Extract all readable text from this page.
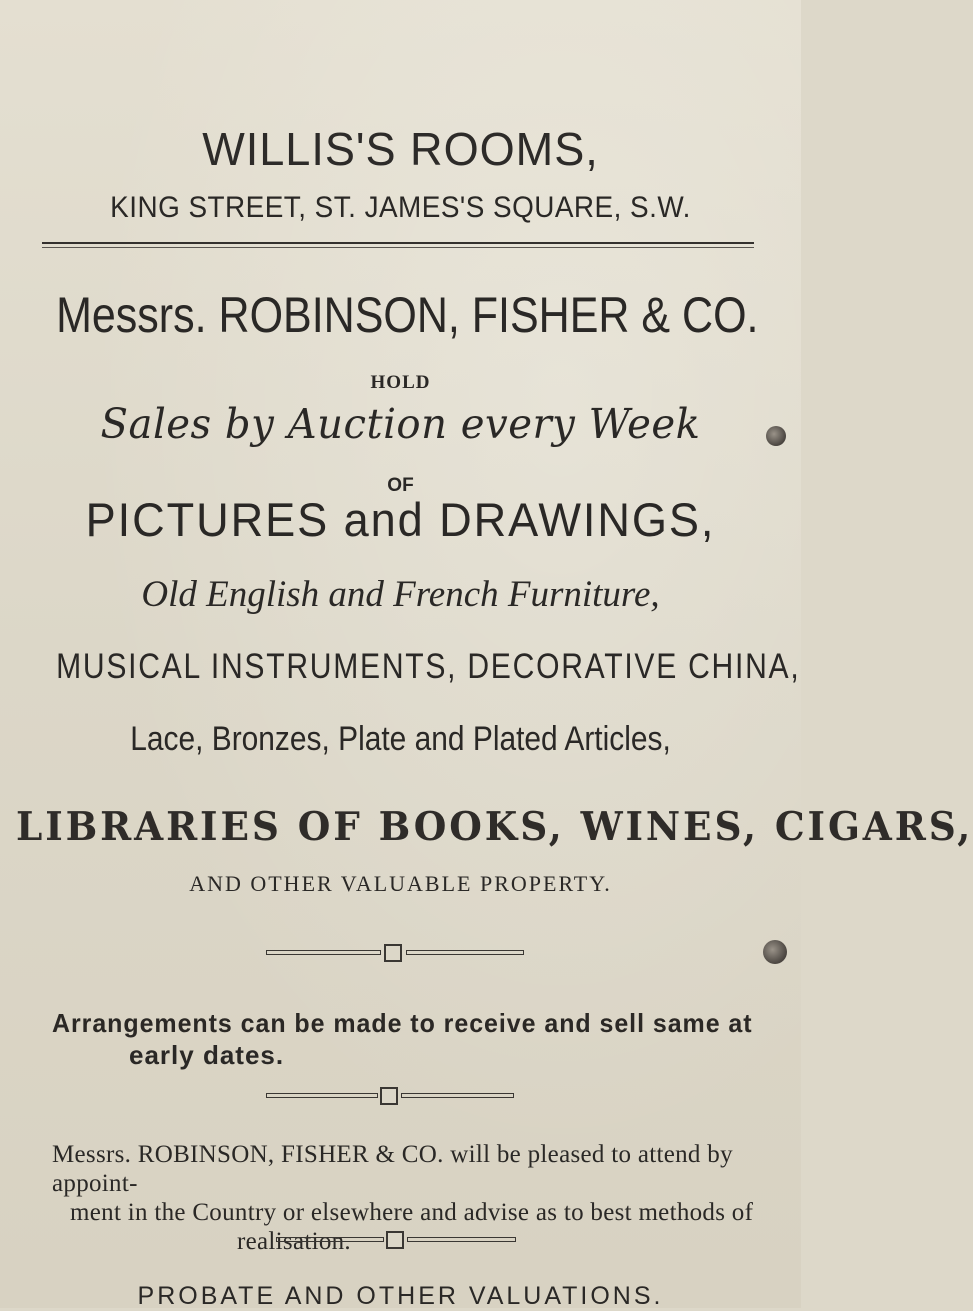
WILLIS'S ROOMS,
KING STREET, ST. JAMES'S SQUARE, S.W.
Messrs. ROBINSON, FISHER & CO.
HOLD
Sales by Auction every Week
OF
PICTURES and DRAWINGS,
Old English and French Furniture,
MUSICAL INSTRUMENTS, DECORATIVE CHINA,
Lace, Bronzes, Plate and Plated Articles,
LIBRARIES OF BOOKS, WINES, CIGARS,
AND OTHER VALUABLE PROPERTY.
Arrangements can be made to receive and sell same at
early dates.
Messrs. ROBINSON, FISHER & CO. will be pleased to attend by appoint-
ment in the Country or elsewhere and advise as to best methods of
realisation.
PROBATE AND OTHER VALUATIONS.
